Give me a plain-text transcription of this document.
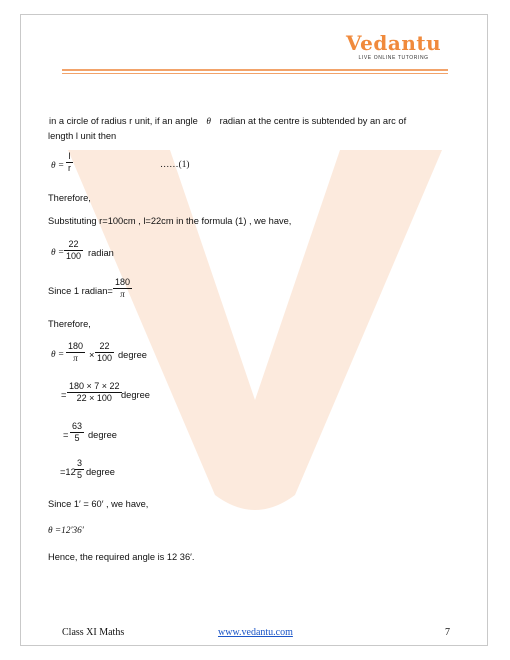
Vedantu
LIVE ONLINE TUTORING
in a circle of radius r unit, if an angle θ radian at the centre is subtended by an arc of
length l unit then
$\theta = \frac{l}{r}$	……(1)
Therefore,
Substituting r=100cm , l=22cm in the formula (1) , we have,
$\theta = \frac{22}{100}$ radian
Since 1 radian= $\frac{180}{\pi}$
Therefore,
$\theta = \frac{180}{\pi} \times \frac{22}{100}$ degree
= $\frac{180 \times 7 \times 22}{22 \times 100}$ degree
= $\frac{63}{5}$ degree
$=12 \frac{3}{5}$ degree
Since 1′ = 60′ , we have,
θ =12′36′
Hence, the required angle is 12 36′.
Class XI Maths	www.vedantu.com	7
